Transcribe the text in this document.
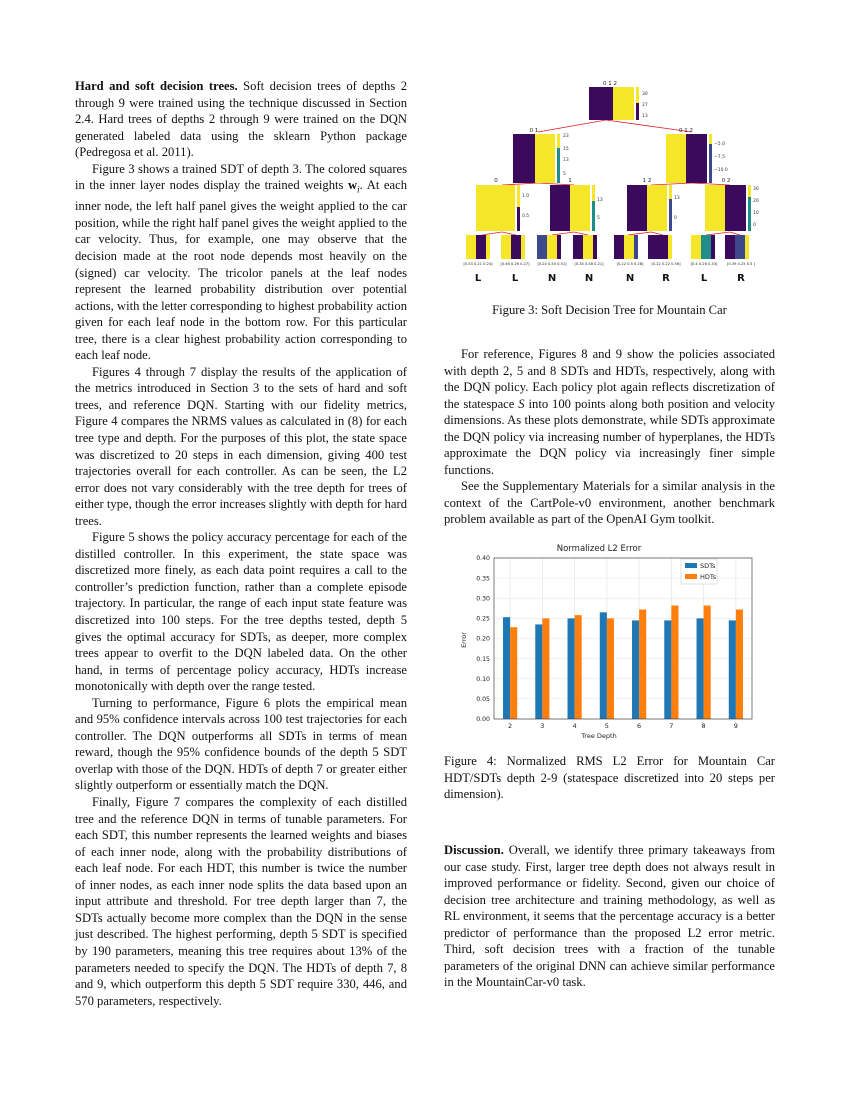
Hard and soft decision trees. Soft decision trees of depths 2 through 9 were trained using the technique discussed in Section 2.4. Hard trees of depths 2 through 9 were trained on the DQN generated labeled data using the sklearn Python package (Pedregosa et al. 2011).

Figure 3 shows a trained SDT of depth 3. The colored squares in the inner layer nodes display the trained weights $w_i$. At each inner node, the left half panel gives the weight applied to the car position, while the right half panel gives the weight applied to the car velocity. Thus, for example, one may observe that the decision made at the root node depends most heavily on the (signed) car velocity. The tricolor panels at the leaf nodes represent the learned probability distribution over potential actions, with the letter corresponding to highest probability action given for each leaf node in the bottom row. For this particular tree, there is a clear highest probability action corresponding to each leaf node.

Figures 4 through 7 display the results of the application of the metrics introduced in Section 3 to the sets of hard and soft trees, and reference DQN. Starting with our fidelity metrics, Figure 4 compares the NRMS values as calculated in (8) for each tree type and depth. For the purposes of this plot, the state space was discretized to 20 steps in each dimension, giving 400 test trajectories overall for each controller. As can be seen, the L2 error does not vary considerably with the tree depth for trees of either type, though the error increases slightly with depth for hard trees.

Figure 5 shows the policy accuracy percentage for each of the distilled controller. In this experiment, the state space was discretized more finely, as each data point requires a call to the controller’s prediction function, rather than a complete episode trajectory. In particular, the range of each input state feature was discretized into 100 steps. For the tree depths tested, depth 5 gives the optimal accuracy for SDTs, as deeper, more complex trees appear to overfit to the DQN labeled data. On the other hand, in terms of percentage policy accuracy, HDTs increase monotonically with depth over the range tested.

Turning to performance, Figure 6 plots the empirical mean and 95% confidence intervals across 100 test trajectories for each controller. The DQN outperforms all SDTs in terms of mean reward, though the 95% confidence bounds of the depth 5 SDT overlap with those of the DQN. HDTs of depth 7 or greater either slightly outperform or essentially match the DQN.

Finally, Figure 7 compares the complexity of each distilled tree and the reference DQN in terms of tunable parameters. For each SDT, this number represents the learned weights and biases of each inner node, along with the probability distributions of each leaf node. For each HDT, this number is twice the number of inner nodes, as each inner node splits the data based upon an input attribute and threshold. For tree depth larger than 7, the SDTs actually become more complex than the DQN in the sense just described. The highest performing, depth 5 SDT is specified by 190 parameters, meaning this tree requires about 13% of the parameters needed to specify the DQN. The HDTs of depth 7, 8 and 9, which outperform this depth 5 SDT require 330, 446, and 570 parameters, respectively.

0 1 2
30
27
13
0 1
23
15
13
5
0 1 2
−5.0
−7.5
−10.0
0
1.0
0.5
1
13
5
1 2
13
0
0 2
30
20
10
0
[0.53 0.21 0.24] [0.46 0.26 0.27] [0.24 0.50 0.31] [0.35 0.48 0.21]	[0.22 0.5 0.28] [0.22 0.22 0.56]	[0.4 0.26 0.33]	[0.39 0.25 0.5 ]
L	L	N	N	N	R	L	R
Figure 3: Soft Decision Tree for Mountain Car

For reference, Figures 8 and 9 show the policies associated with depth 2, 5 and 8 SDTs and HDTs, respectively, along with the DQN policy. Each policy plot again reflects discretization of the statespace S into 100 points along both position and velocity dimensions. As these plots demonstrate, while SDTs approximate the DQN policy via increasing number of hyperplanes, the HDTs approximate the DQN policy via increasingly finer simple functions.

See the Supplementary Materials for a similar analysis in the context of the CartPole-v0 environment, another benchmark problem available as part of the OpenAI Gym toolkit.

0.00
0.05
0.10
0.15
0.20
0.25
0.30
0.35
0.40
2	3	4	5	6	7	8	9
Normalized L2 Error
Tree Depth
Error
SDTs
HDTs
Figure 4: Normalized RMS L2 Error for Mountain Car HDT/SDTs depth 2-9 (statespace discretized into 20 steps per dimension).

Discussion. Overall, we identify three primary takeaways from our case study. First, larger tree depth does not always result in improved performance or fidelity. Second, given our choice of decision tree architecture and training methodology, as well as RL environment, it seems that the percentage accuracy is a better predictor of performance than the proposed L2 error metric. Third, soft decision trees with a fraction of the tunable parameters of the original DNN can achieve similar performance in the MountainCar-v0 task.
